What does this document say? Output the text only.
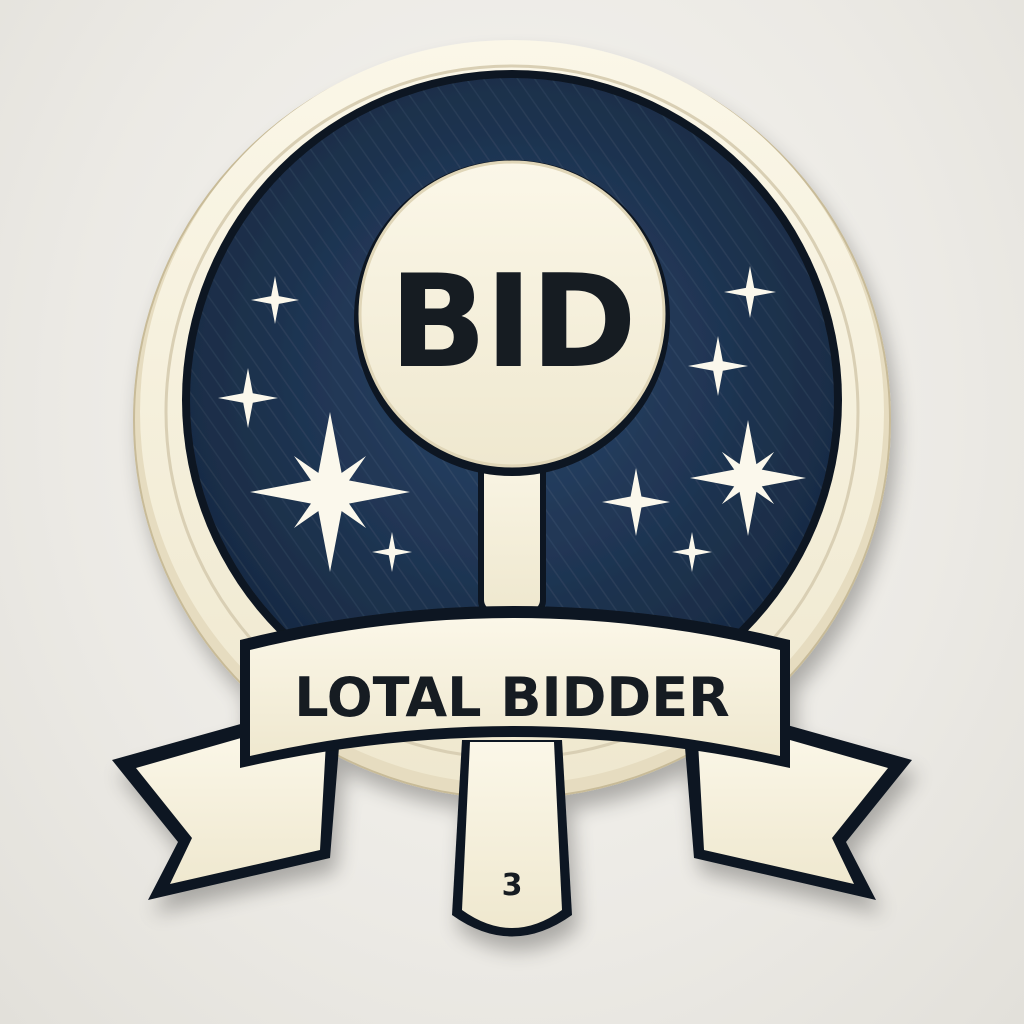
BID
LOTAL BIDDER
3
